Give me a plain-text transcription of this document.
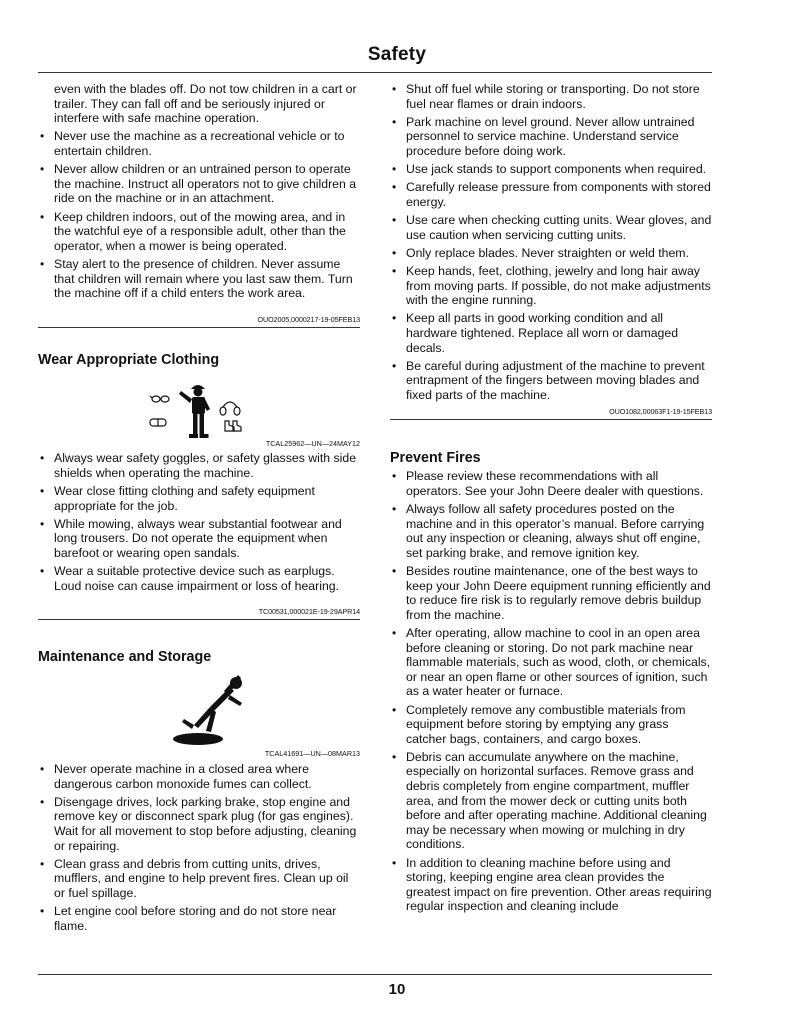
Safety

even with the blades off. Do not tow children in a cart or trailer. They can fall off and be seriously injured or interfere with safe machine operation.

• Never use the machine as a recreational vehicle or to entertain children.
• Never allow children or an untrained person to operate the machine. Instruct all operators not to give children a ride on the machine or in an attachment.
• Keep children indoors, out of the mowing area, and in the watchful eye of a responsible adult, other than the operator, when a mower is being operated.
• Stay alert to the presence of children. Never assume that children will remain where you last saw them. Turn the machine off if a child enters the work area.
OUO2005,0000217-19-05FEB13
Wear Appropriate Clothing
TCAL25962—UN—24MAY12
• Always wear safety goggles, or safety glasses with side shields when operating the machine.
• Wear close fitting clothing and safety equipment appropriate for the job.
• While mowing, always wear substantial footwear and long trousers. Do not operate the equipment when barefoot or wearing open sandals.
• Wear a suitable protective device such as earplugs. Loud noise can cause impairment or loss of hearing.
TC00531,000021E-19-29APR14
Maintenance and Storage
TCAL41691—UN—08MAR13
• Never operate machine in a closed area where dangerous carbon monoxide fumes can collect.
• Disengage drives, lock parking brake, stop engine and remove key or disconnect spark plug (for gas engines). Wait for all movement to stop before adjusting, cleaning or repairing.
• Clean grass and debris from cutting units, drives, mufflers, and engine to help prevent fires. Clean up oil or fuel spillage.
• Let engine cool before storing and do not store near flame.
• Shut off fuel while storing or transporting. Do not store fuel near flames or drain indoors.
• Park machine on level ground. Never allow untrained personnel to service machine. Understand service procedure before doing work.
• Use jack stands to support components when required.
• Carefully release pressure from components with stored energy.
• Use care when checking cutting units. Wear gloves, and use caution when servicing cutting units.
• Only replace blades. Never straighten or weld them.
• Keep hands, feet, clothing, jewelry and long hair away from moving parts. If possible, do not make adjustments with the engine running.
• Keep all parts in good working condition and all hardware tightened. Replace all worn or damaged decals.
• Be careful during adjustment of the machine to prevent entrapment of the fingers between moving blades and fixed parts of the machine.
OUO1082,00063F1-19-15FEB13
Prevent Fires
• Please review these recommendations with all operators. See your John Deere dealer with questions.
• Always follow all safety procedures posted on the machine and in this operator’s manual. Before carrying out any inspection or cleaning, always shut off engine, set parking brake, and remove ignition key.
• Besides routine maintenance, one of the best ways to keep your John Deere equipment running efficiently and to reduce fire risk is to regularly remove debris buildup from the machine.
• After operating, allow machine to cool in an open area before cleaning or storing. Do not park machine near flammable materials, such as wood, cloth, or chemicals, or near an open flame or other sources of ignition, such as a water heater or furnace.
• Completely remove any combustible materials from equipment before storing by emptying any grass catcher bags, containers, and cargo boxes.
• Debris can accumulate anywhere on the machine, especially on horizontal surfaces. Remove grass and debris completely from engine compartment, muffler area, and from the mower deck or cutting units both before and after operating machine. Additional cleaning may be necessary when mowing or mulching in dry conditions.
• In addition to cleaning machine before using and storing, keeping engine area clean provides the greatest impact on fire prevention. Other areas requiring regular inspection and cleaning include
10
